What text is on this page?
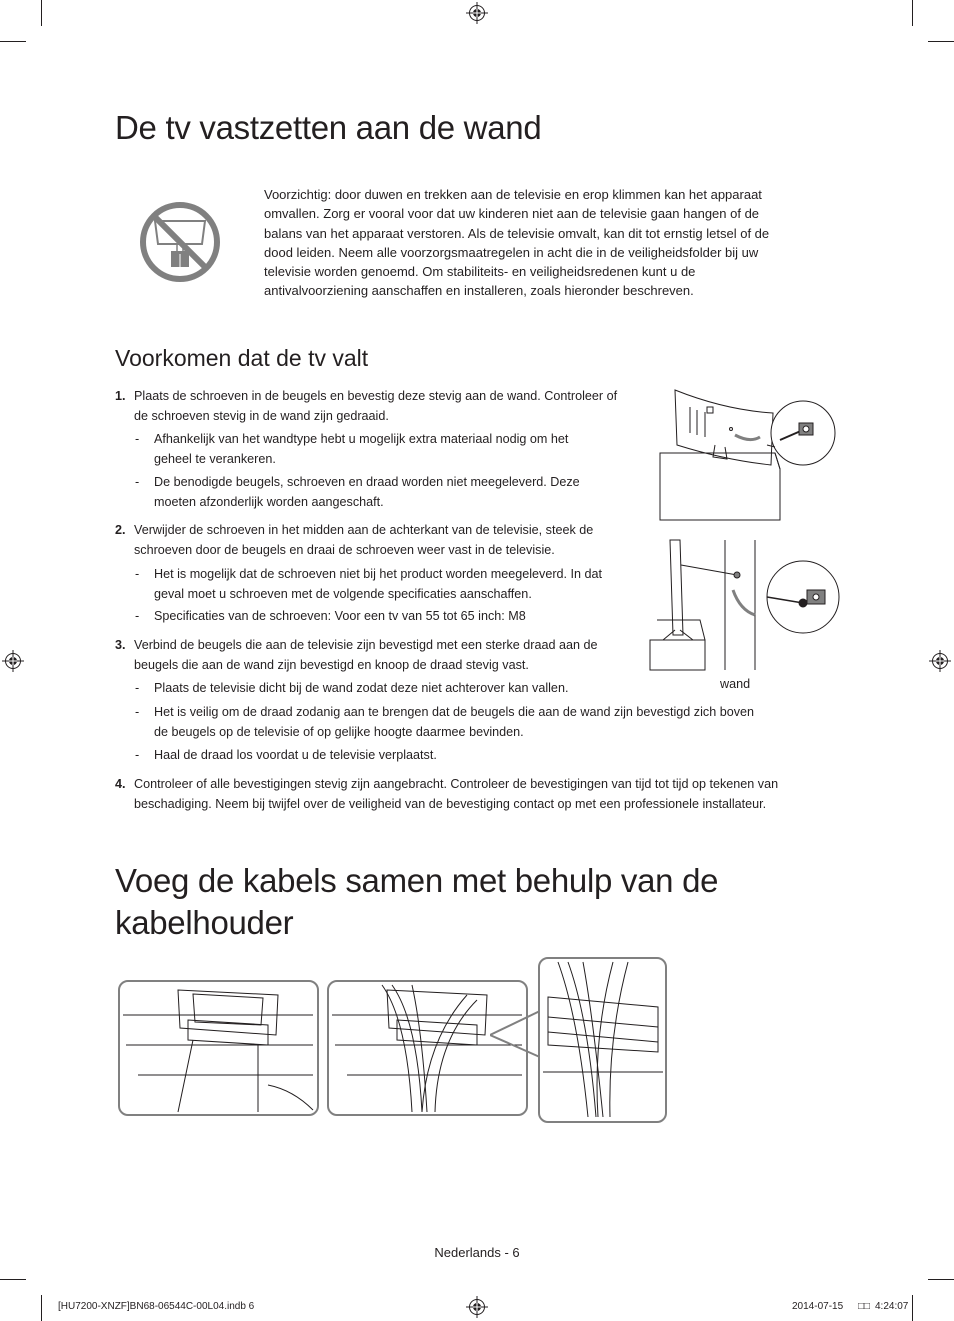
De tv vastzetten aan de wand
Voorzichtig: door duwen en trekken aan de televisie en erop klimmen kan het apparaat omvallen. Zorg er vooral voor dat uw kinderen niet aan de televisie gaan hangen of de balans van het apparaat verstoren. Als de televisie omvalt, kan dit tot ernstig letsel of de dood leiden. Neem alle voorzorgsmaatregelen in acht die in de veiligheidsfolder bij uw televisie worden genoemd. Om stabiliteits- en veiligheidsredenen kunt u de antivalvoorziening aanschaffen en installeren, zoals hieronder beschreven.
Voorkomen dat de tv valt
1. Plaats de schroeven in de beugels en bevestig deze stevig aan de wand. Controleer of de schroeven stevig in de wand zijn gedraaid.
- Afhankelijk van het wandtype hebt u mogelijk extra materiaal nodig om het geheel te verankeren.
- De benodigde beugels, schroeven en draad worden niet meegeleverd. Deze moeten afzonderlijk worden aangeschaft.
2. Verwijder de schroeven in het midden aan de achterkant van de televisie, steek de schroeven door de beugels en draai de schroeven weer vast in de televisie.
- Het is mogelijk dat de schroeven niet bij het product worden meegeleverd. In dat geval moet u schroeven met de volgende specificaties aanschaffen.
- Specificaties van de schroeven: Voor een tv van 55 tot 65 inch: M8
3. Verbind de beugels die aan de televisie zijn bevestigd met een sterke draad aan de beugels die aan de wand zijn bevestigd en knoop de draad stevig vast.
- Plaats de televisie dicht bij de wand zodat deze niet achterover kan vallen.
- Het is veilig om de draad zodanig aan te brengen dat de beugels die aan de wand zijn bevestigd zich boven de beugels op de televisie of op gelijke hoogte daarmee bevinden.
- Haal de draad los voordat u de televisie verplaatst.
4. Controleer of alle bevestigingen stevig zijn aangebracht. Controleer de bevestigingen van tijd tot tijd op tekenen van beschadiging. Neem bij twijfel over de veiligheid van de bevestiging contact op met een professionele installateur.
wand
Voeg de kabels samen met behulp van de
kabelhouder
Nederlands - 6
[HU7200-XNZF]BN68-06544C-00L04.indb 6	2014-07-15 □□ 4:24:07
